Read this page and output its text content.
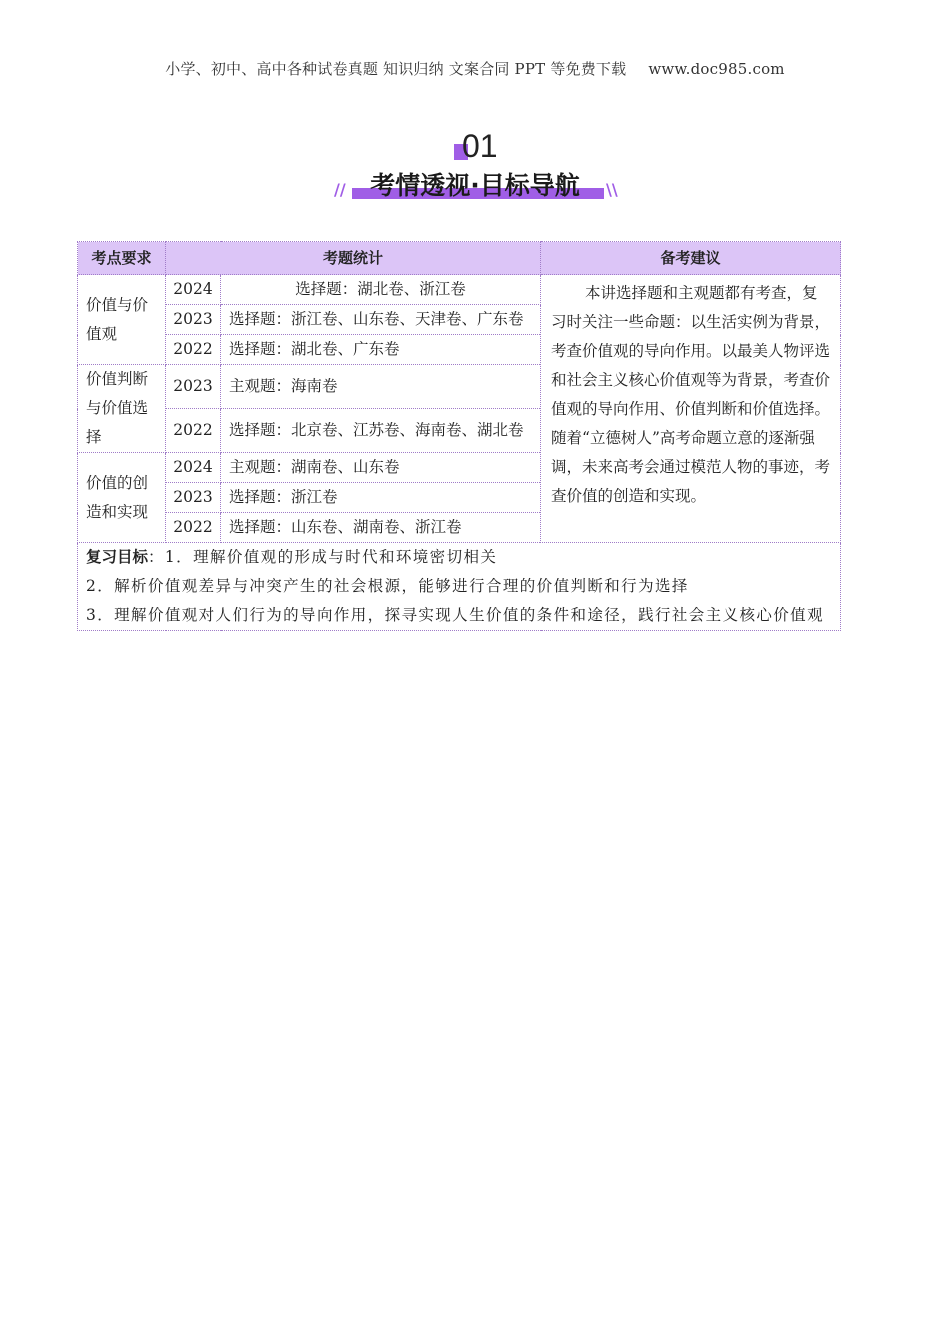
小学、初中、高中各种试卷真题 知识归纳 文案合同 PPT 等免费下载 www.doc985.com
01
// 考情透视·目标导航	\\
考点要求	考题统计		备考建议
价值与价值观	2024	选择题：湖北卷、浙江卷	本讲选择题和主观题都有考查，复习时关注一些命题：以生活实例为背景，考查价值观的导向作用。以最美人物评选和社会主义核心价值观等为背景，考查价值观的导向作用、价值判断和价值选择。随着“立德树人”高考命题立意的逐渐强调，未来高考会通过模范人物的事迹，考查价值的创造和实现。
	2023	选择题：浙江卷、山东卷、天津卷、广东卷	
	2022	选择题：湖北卷、广东卷	
价值判断与价值选择	2023	主观题：海南卷	
	2022	选择题：北京卷、江苏卷、海南卷、湖北卷	
价值的创造和实现	2024	主观题：湖南卷、山东卷	
	2023	选择题：浙江卷	
	2022	选择题：山东卷、湖南卷、浙江卷	

复习目标：1．理解价值观的形成与时代和环境密切相关
2．解析价值观差异与冲突产生的社会根源，能够进行合理的价值判断和行为选择
3．理解价值观对人们行为的导向作用，探寻实现人生价值的条件和途径，践行社会主义核心价值观			
